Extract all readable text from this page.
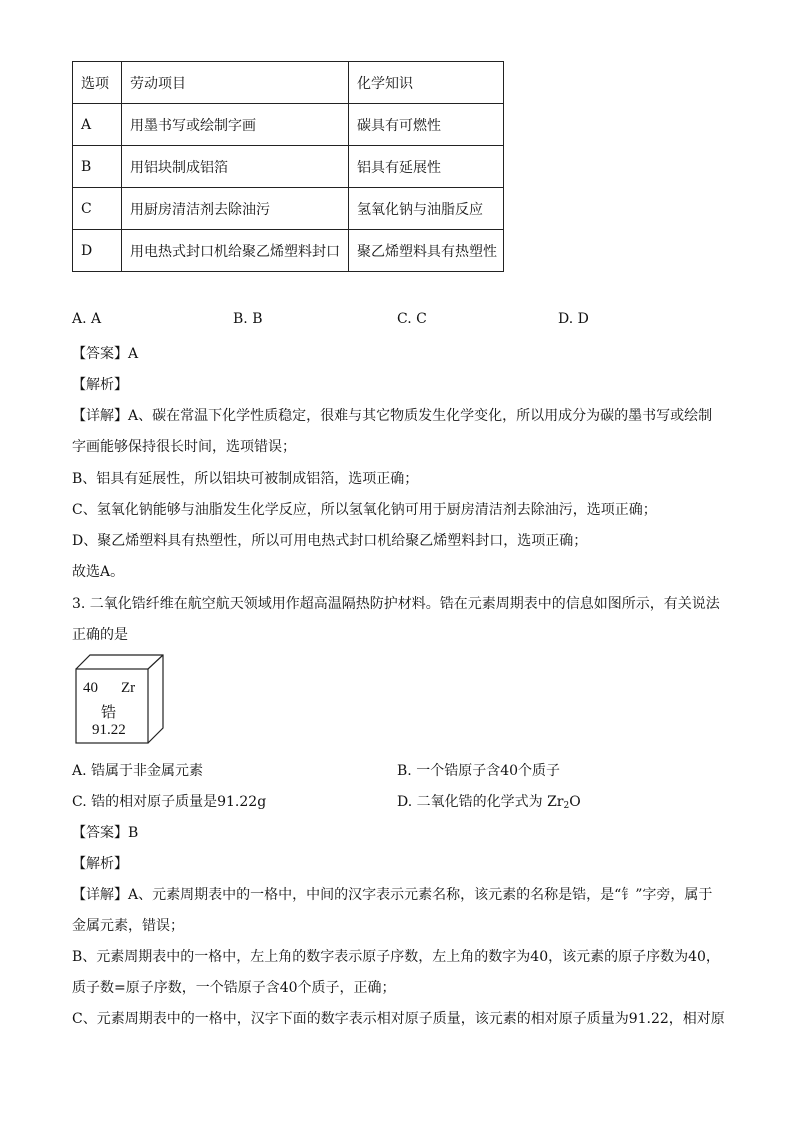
选项	劳动项目	化学知识
A	用墨书写或绘制字画	碳具有可燃性
B	用铝块制成铝箔	铝具有延展性
C	用厨房清洁剂去除油污	氢氧化钠与油脂反应
D	用电热式封口机给聚乙烯塑料封口	聚乙烯塑料具有热塑性
A. A	B. B	C. C	D. D
【答案】A
【解析】
【详解】A、碳在常温下化学性质稳定，很难与其它物质发生化学变化，所以用成分为碳的墨书写或绘制
字画能够保持很长时间，选项错误；
B、铝具有延展性，所以铝块可被制成铝箔，选项正确；
C、氢氧化钠能够与油脂发生化学反应，所以氢氧化钠可用于厨房清洁剂去除油污，选项正确；
D、聚乙烯塑料具有热塑性，所以可用电热式封口机给聚乙烯塑料封口，选项正确；
故选A。
3. 二氧化锆纤维在航空航天领域用作超高温隔热防护材料。锆在元素周期表中的信息如图所示，有关说法
正确的是
40 Zr
锆
91.22
A. 锆属于非金属元素	B. 一个锆原子含40个质子
C. 锆的相对原子质量是91.22g	D. 二氧化锆的化学式为 $Zr_2O$
【答案】B
【解析】
【详解】A、元素周期表中的一格中，中间的汉字表示元素名称，该元素的名称是锆，是“钅”字旁，属于
金属元素，错误；
B、元素周期表中的一格中，左上角的数字表示原子序数，左上角的数字为40，该元素的原子序数为40，
质子数=原子序数，一个锆原子含40个质子，正确；
C、元素周期表中的一格中，汉字下面的数字表示相对原子质量，该元素的相对原子质量为91.22，相对原
